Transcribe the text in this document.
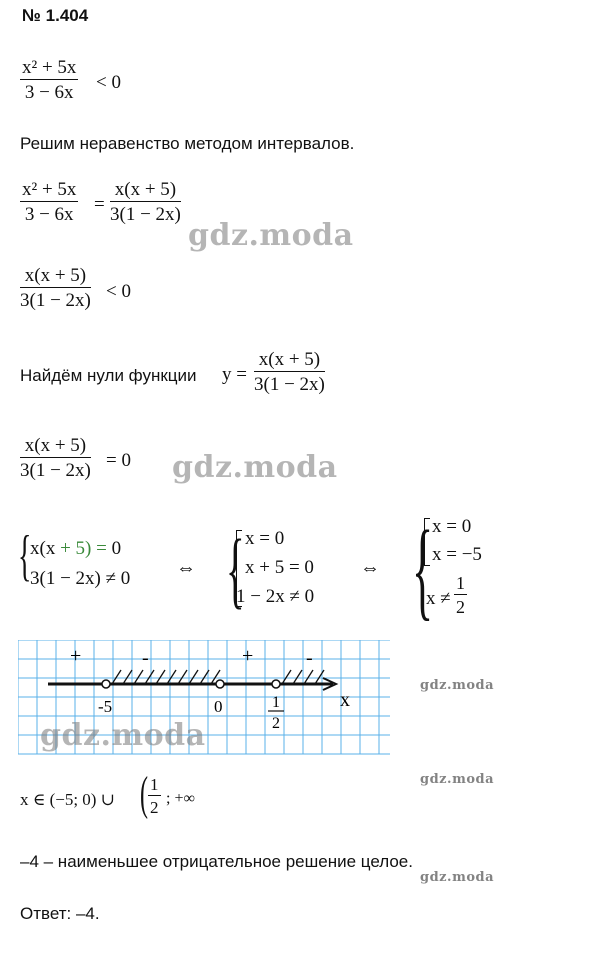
№ 1.404
$\frac{\text{x² + 5x}}{3 - 6x} < 0$
Решим неравенство методом интервалов.
$\frac{\text{x² + 5x}}{3 - 6x} = \frac{x(x + 5)}{3(1 - 2x)}$
gdz.moda
$\frac{x(x + 5)}{3(1 - 2x)} < 0$
Найдём нули функции $y = \frac{x(x + 5)}{3(1 - 2x)}$
$\frac{x(x + 5)}{3(1 - 2x)} = 0$ gdz.moda
{
x(x + 5) = 0
3(1 − 2x) ≠ 0 ⇔ { x = 0
x + 5 = 0
1 − 2x ≠ 0
⇔ {
x = 0
x = −5
$x \ne \frac{1}{2}$
+	-	+	-
-5	0	1
2
x
gdz.moda
gdz.moda
x ∈ (−5; 0) ∪ ( $\frac{1}{2}$ ; +∞
gdz.moda
–4 – наименьшее отрицательное решение целое.
gdz.moda
Ответ: –4.
